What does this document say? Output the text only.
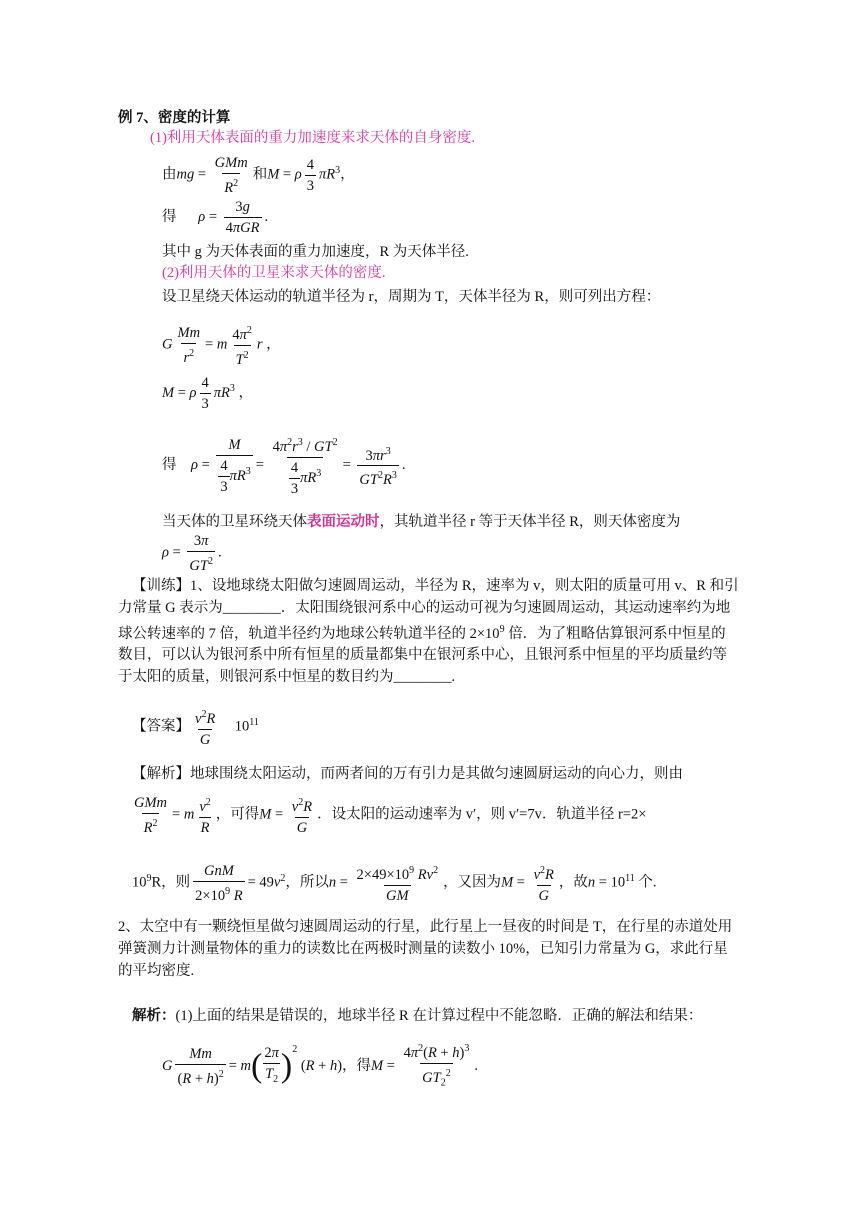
例 7、密度的计算
(1)利用天体表面的重力加速度来求天体的自身密度.
由mg = $\frac{\text{GMm}}{R^2}$ 和M = ρ $\frac{4}{3} \pi R^3$，
得 $\rho = \frac{3g}{\text{4πGR}}$ .
其中 g 为天体表面的重力加速度，R 为天体半径.
(2)利用天体的卫星来求天体的密度.
设卫星绕天体运动的轨道半径为 r，周期为 T，天体半径为 R，则可列出方程：
G $\frac{Mm}{r^2} = m \frac{4\pi^2}{T^2}$ r ，
M = ρ $\frac{4}{3} \pi R^3$ ，
得 $\rho = \frac{M}{\frac{4}{3} \pi R^3} = \frac{4\pi^2r^3 / GT^2}{\frac{4}{3} \pi R^3} = \frac{3\pi r^3}{GT^2R^3}$ .
当天体的卫星环绕天体表面运动时，其轨道半径 r 等于天体半径 R，则天体密度为
$\rho = \frac{3\pi}{GT^2}$ .
【训练】1、设地球绕太阳做匀速圆周运动，半径为 R，速率为 v，则太阳的质量可用 v、R 和引力常量 G 表示为________．太阳围绕银河系中心的运动可视为匀速圆周运动，其运动速率约为地球公转速率的 7 倍，轨道半径约为地球公转轨道半径的 $2\times 10^9$ 倍．为了粗略估算银河系中恒星的数目，可以认为银河系中所有恒星的质量都集中在银河系中心，且银河系中恒星的平均质量约等于太阳的质量，则银河系中恒星的数目约为________.
【答案】 $\frac{v^2R}{G} 10^{11}$
【解析】地球围绕太阳运动，而两者间的万有引力是其做匀速圆厨运动的向心力，则由
$\frac{\text{GMm}}{R^2} = m \frac{v^2}{R}$ ，可得$M = \frac{v^2R}{G}$ ．设太阳的运动速率为 v′，则 v′=7v．轨道半径 r=2×
$10^9R$，则 $\frac{\text{GnM}}{2\times 10^9 R} = 49v^2$，所以$n = \frac{2\times 49\times 10^9 Rv^2}{GM}$ ，又因为$M = \frac{v^2R}{G}$ ，故$n = 10^{11}$ 个.
2、太空中有一颗绕恒星做匀速圆周运动的行星，此行星上一昼夜的时间是 T，在行星的赤道处用弹簧测力计测量物体的重力的读数比在两极时测量的读数小 10%，已知引力常量为 G，求此行星的平均密度.
解析：(1)上面的结果是错误的，地球半径 R 在计算过程中不能忽略．正确的解法和结果：
G $\frac{Mm}{(R + h)^2} = m( \frac{2\pi}{T_2} )^2$ (R + h)，得$M = \frac{4\pi^2(R + h)^3}{GT_2^2}$ .
